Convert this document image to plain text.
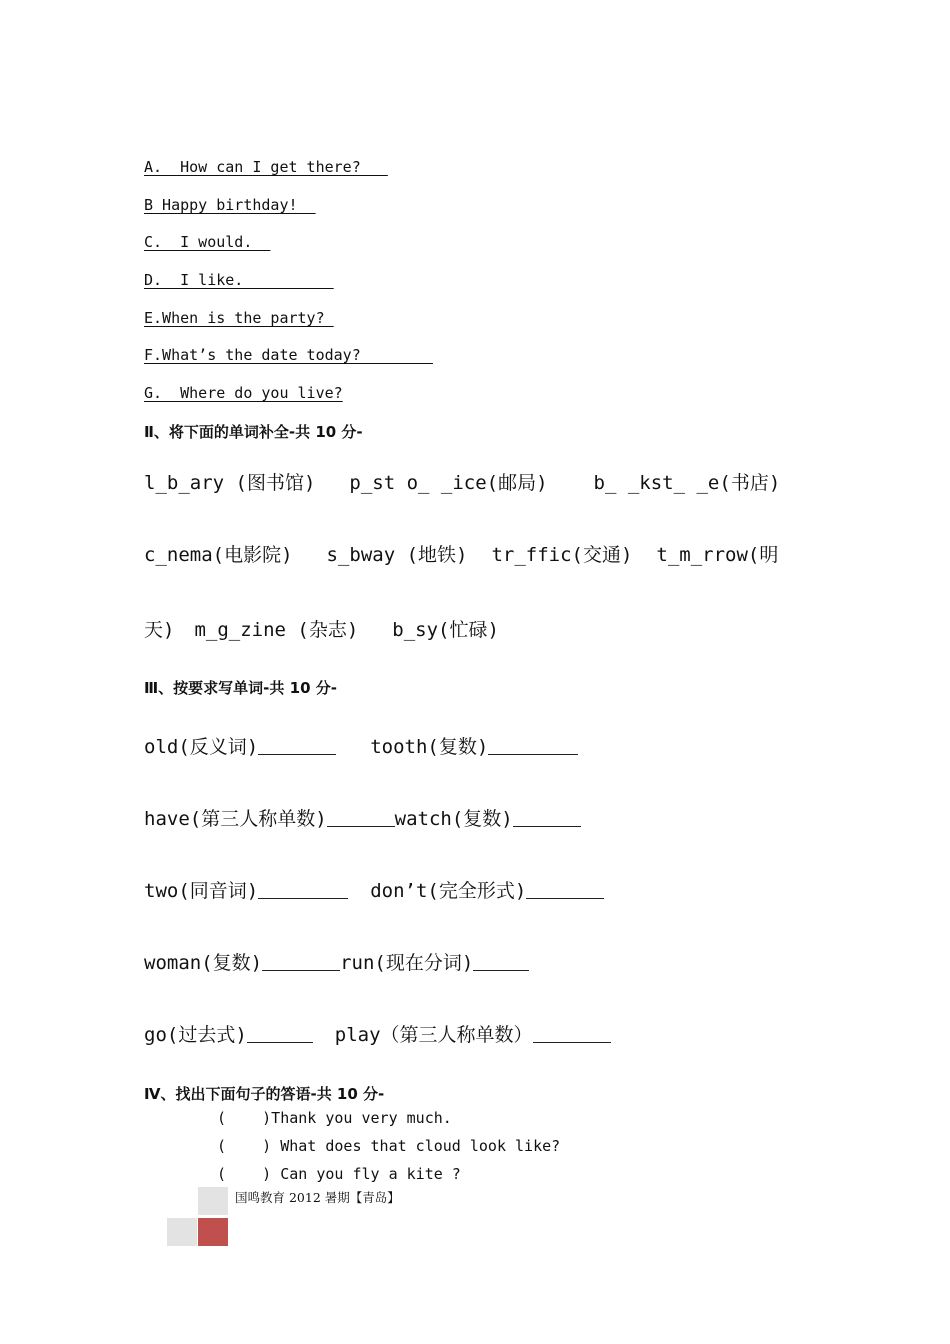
A.  How can I get there?
B Happy birthday!
C.  I would.
D.  I like.
E.When is the party?
F.What’s the date today?
G.  Where do you live?
Ⅱ、将下面的单词补全-共 10 分-
l_b_ary (图书馆) p_st o_ _ice(邮局) b_ _kst_ _e(书店)
c_nema(电影院) s_bway (地铁) tr_ffic(交通) t_m_rrow(明
天) m_g_zine (杂志) b_sy(忙碌)
Ⅲ、按要求写单词-共 10 分-
old(反义词)	tooth(复数)
have(第三人称单数)	watch(复数)
two(同音词)	don’t(完全形式)
woman(复数)	run(现在分词)
go(过去式)	play（第三人称单数）
Ⅳ、找出下面句子的答语-共 10 分-
(    )Thank you very much.
(    ) What does that cloud look like?
(    ) Can you fly a kite ?
国鸣教育 2012 暑期【青岛】
